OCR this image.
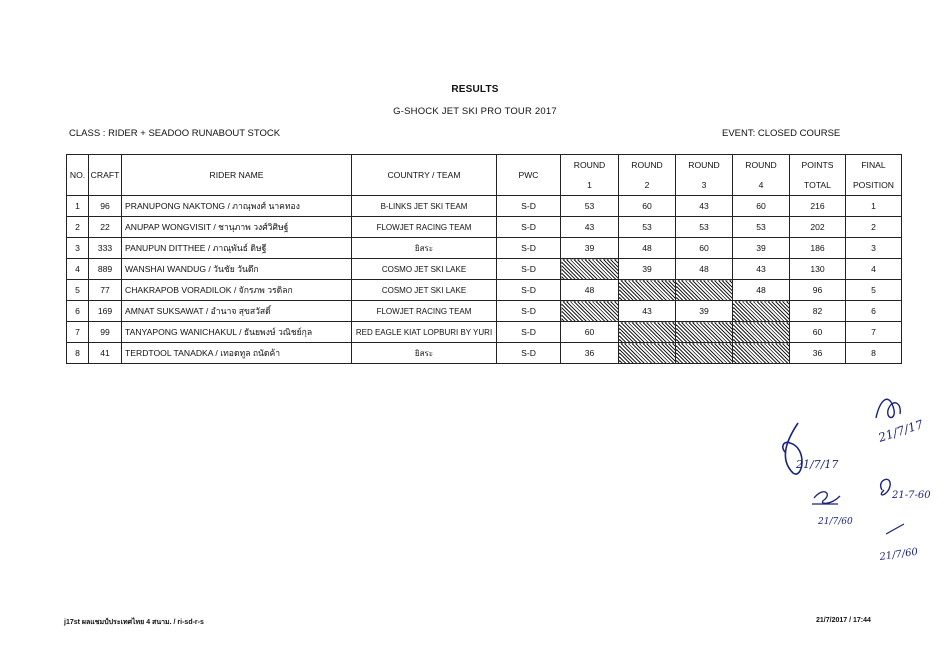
RESULTS
G-SHOCK JET SKI PRO TOUR 2017
CLASS : RIDER + SEADOO RUNABOUT STOCK	EVENT: CLOSED COURSE
NO.	CRAFT	RIDER NAME	COUNTRY / TEAM	PWC	ROUND	ROUND	ROUND	ROUND	POINTS	FINAL
					1	2	3	4	TOTAL	POSITION
1	96	PRANUPONG NAKTONG / ภาณุพงศ์ นาคทอง	B-LINKS JET SKI TEAM	S-D	53	60	43	60	216	1
2	22	ANUPAP WONGVISIT / ชานุภาพ วงศ์วิศิษฐ์	FLOWJET RACING TEAM	S-D	43	53	53	53	202	2
3	333	PANUPUN DITTHEE / ภาณุพันธ์ ดิษฐี	ยิสระ	S-D	39	48	60	39	186	3
4	889	WANSHAI WANDUG / วันชัย วันดึก	COSMO JET SKI LAKE	S-D		39	48	43	130	4
5	77	CHAKRAPOB VORADILOK / จักรภพ วรดิลก	COSMO JET SKI LAKE	S-D	48			48	96	5
6	169	AMNAT SUKSAWAT / อำนาจ สุขสวัสดิ์	FLOWJET RACING TEAM	S-D		43	39		82	6
7	99	TANYAPONG WANICHAKUL / ธันยพงษ์ วณิชย์กุล	RED EAGLE KIAT LOPBURI BY YURI	S-D	60				60	7
8	41	TERDTOOL TANADKA / เทอดทูล ถนัดค้า	ยิสระ	S-D	36				36	8
21/7/17
21/7/17
21/7/60
21-7-60
21/7/60
j17st ผลแชมป์ประเทศไทย 4 สนาม. / ri-sd-r-s	21/7/2017 / 17:44
